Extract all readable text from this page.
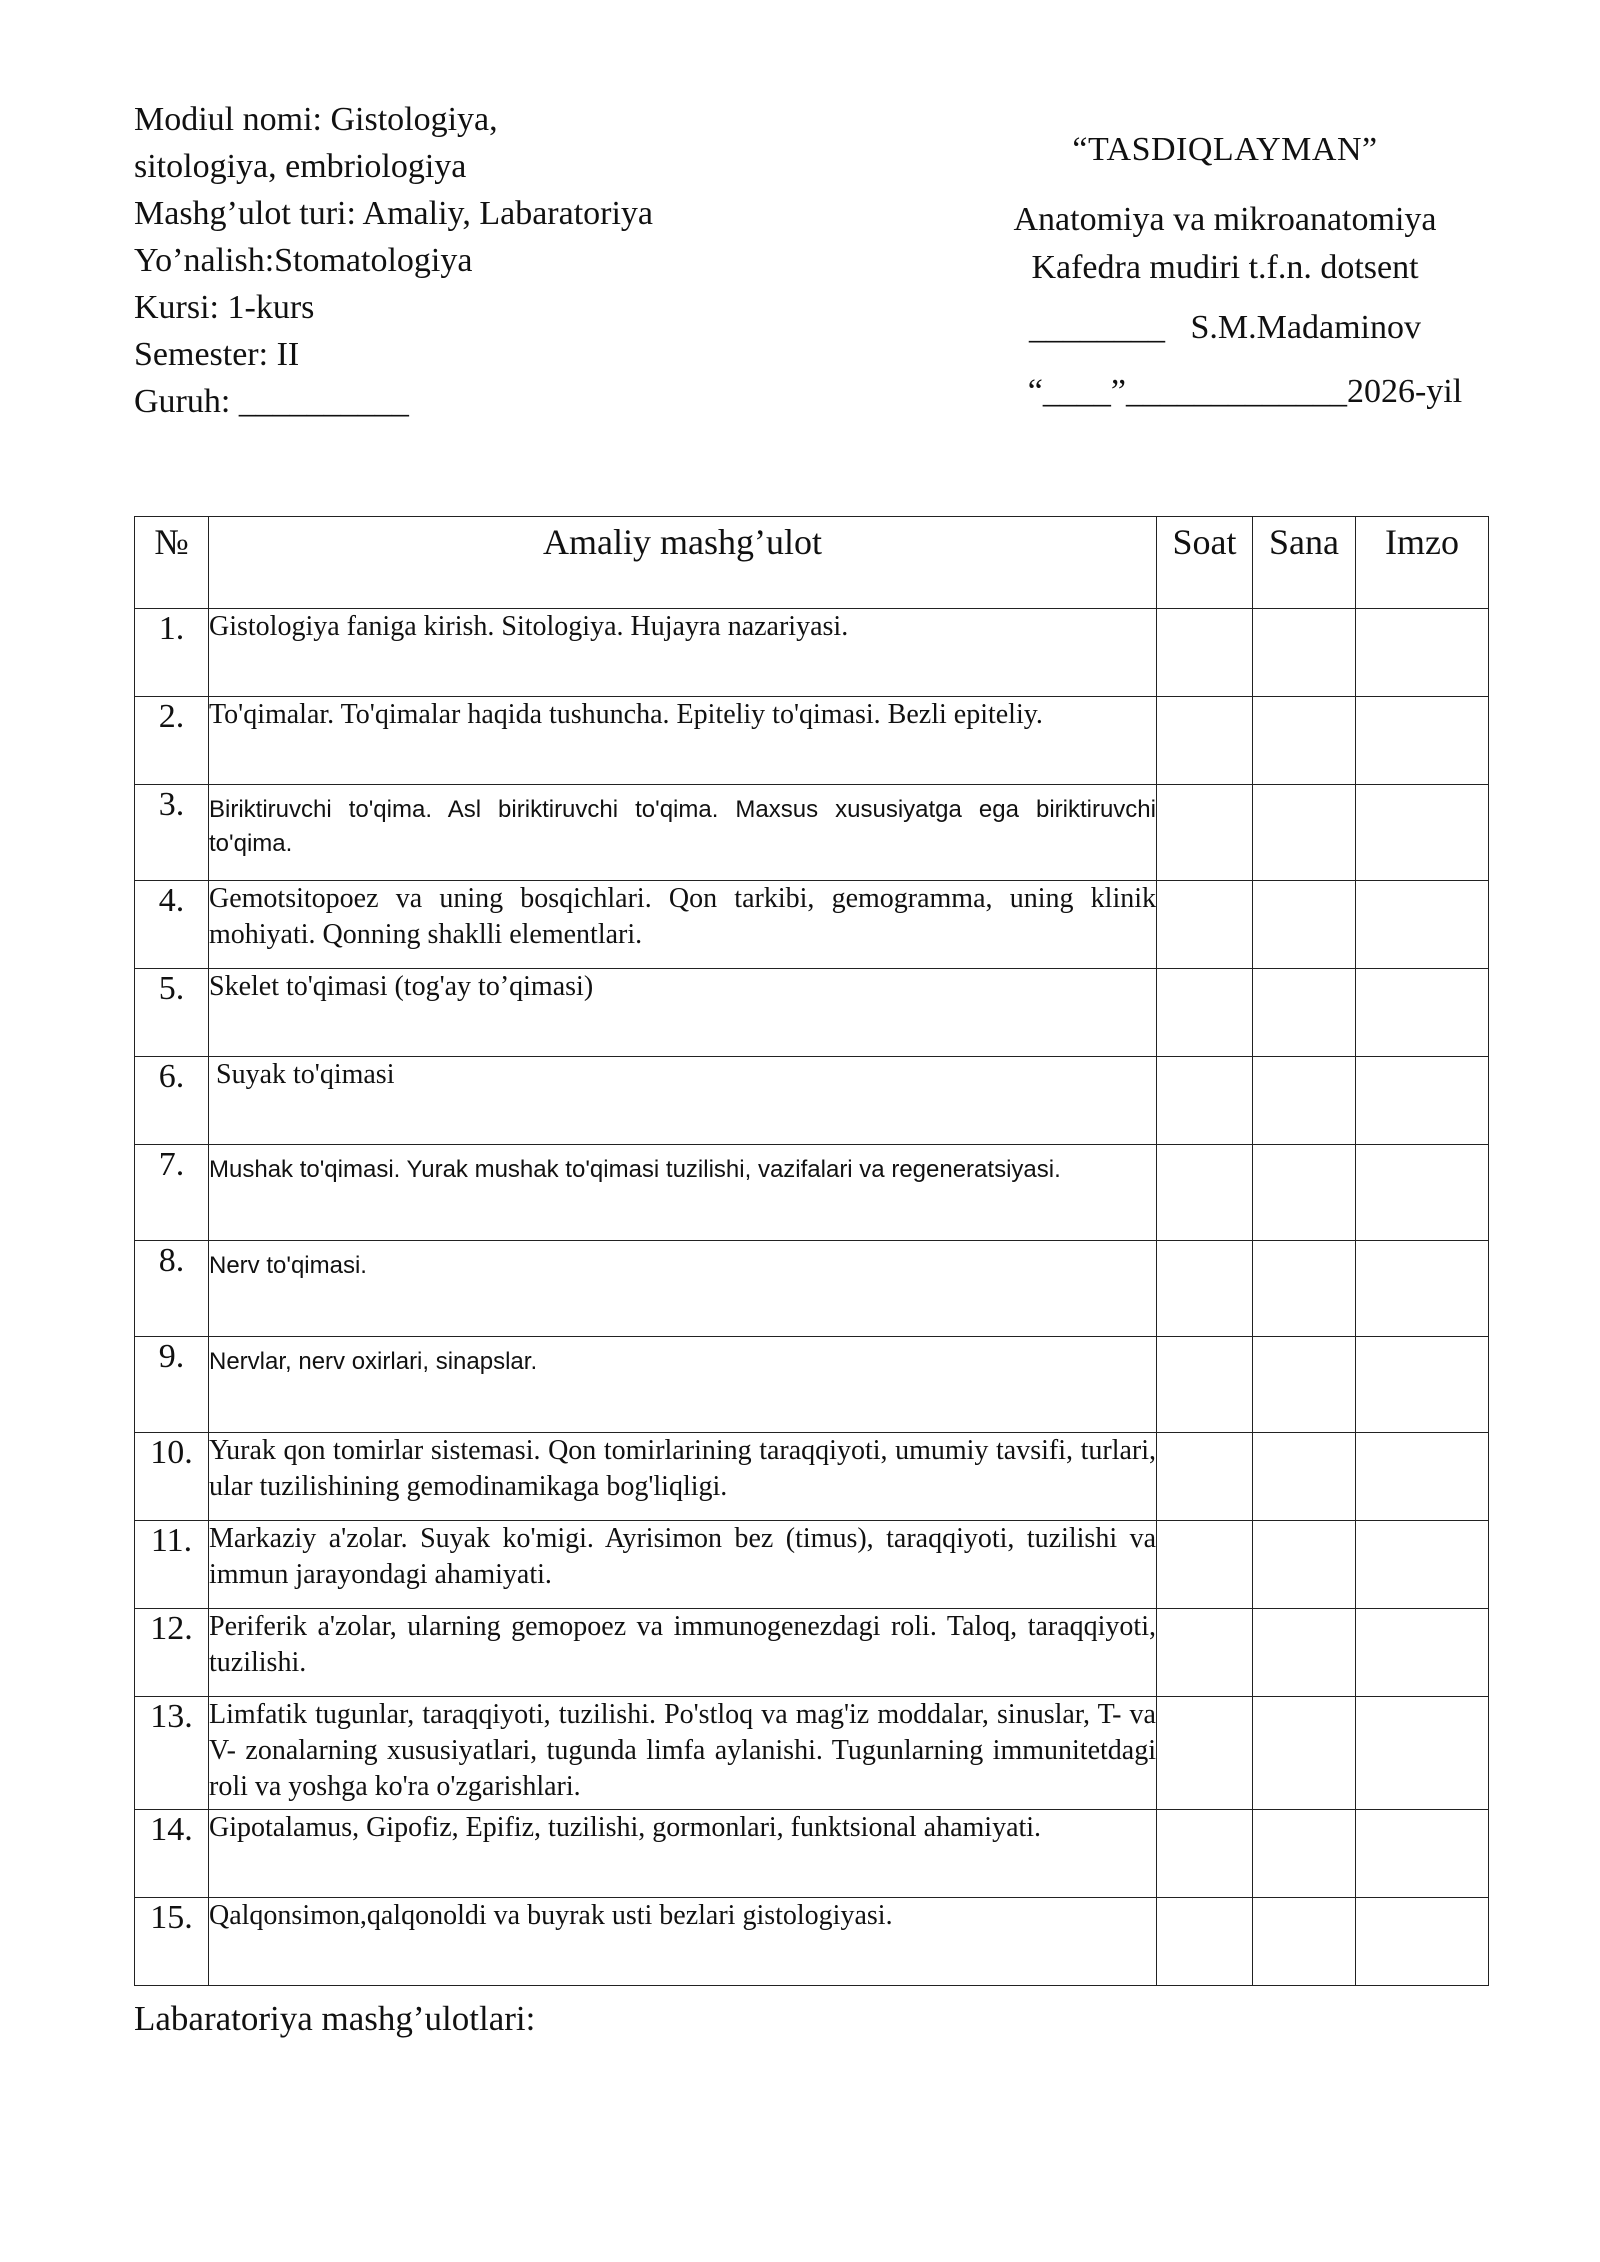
Modiul nomi: Gistologiya,
sitologiya, embriologiya
Mashg’ulot turi: Amaliy, Labaratoriya
Yo’nalish:Stomatologiya
Kursi: 1-kurs
Semester: II
Guruh: __________
“TASDIQLAYMAN”
Anatomiya va mikroanatomiya
Kafedra mudiri t.f.n. dotsent
________   S.M.Madaminov
“____”_____________2026-yil
№	Amaliy mashg’ulot	Soat	Sana	Imzo
1.	Gistologiya faniga kirish. Sitologiya. Hujayra nazariyasi.			
2.	To'qimalar. To'qimalar haqida tushuncha. Epiteliy to'qimasi. Bezli epiteliy.			
3.	Biriktiruvchi to'qima. Asl biriktiruvchi to'qima. Maxsus xususiyatga ega biriktiruvchi to'qima.			
4.	Gemotsitopoez va uning bosqichlari. Qon tarkibi, gemogramma, uning klinik mohiyati. Qonning shaklli elementlari.			
5.	Skelet to'qimasi (tog'ay to’qimasi)			
6.	Suyak to'qimasi			
7.	Mushak to'qimasi. Yurak mushak to'qimasi tuzilishi, vazifalari va regeneratsiyasi.			
8.	Nerv to'qimasi.			
9.	Nervlar, nerv oxirlari, sinapslar.			
10.	Yurak qon tomirlar sistemasi. Qon tomirlarining taraqqiyoti, umumiy tavsifi, turlari, ular tuzilishining gemodinamikaga bog'liqligi.			
11.	Markaziy a'zolar. Suyak ko'migi. Ayrisimon bez (timus), taraqqiyoti, tuzilishi va immun jarayondagi ahamiyati.			
12.	Periferik a'zolar, ularning gemopoez va immunogenezdagi roli. Taloq, taraqqiyoti, tuzilishi.			
13.	Limfatik tugunlar, taraqqiyoti, tuzilishi. Po'stloq va mag'iz moddalar, sinuslar, T- va V- zonalarning xususiyatlari, tugunda limfa aylanishi. Tugunlarning immunitetdagi roli va yoshga ko'ra o'zgarishlari.			
14.	Gipotalamus, Gipofiz, Epifiz, tuzilishi, gormonlari, funktsional ahamiyati.			
15.	Qalqonsimon,qalqonoldi va buyrak usti bezlari gistologiyasi.			
Labaratoriya mashg’ulotlari:
